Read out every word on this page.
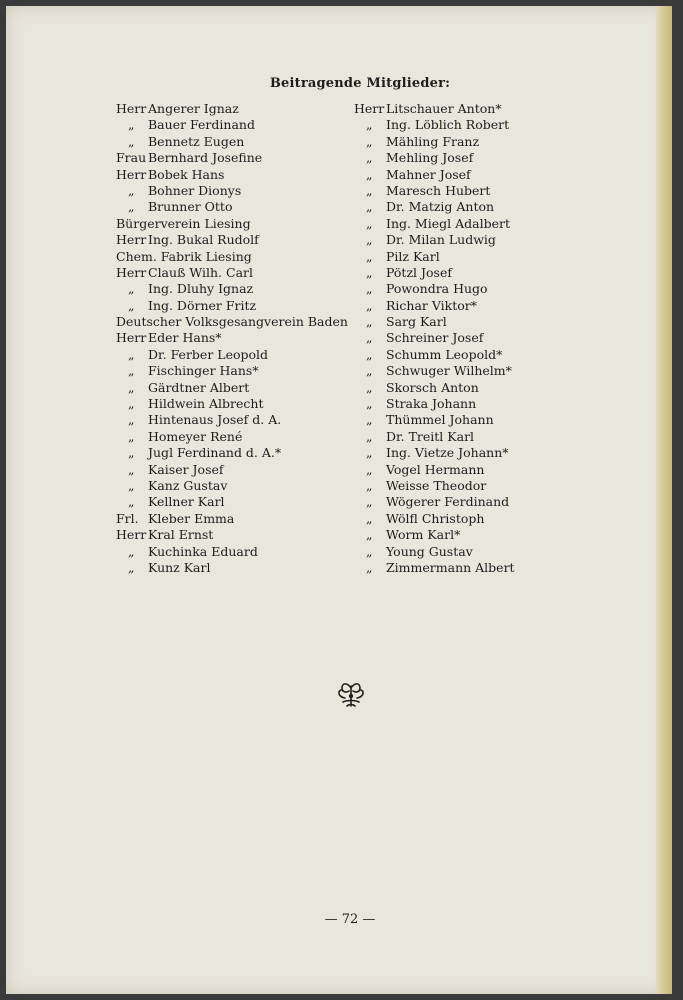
Beitragende Mitglieder:
Herr Angerer Ignaz
„	Bauer Ferdinand
„	Bennetz Eugen
Frau Bernhard Josefine
Herr Bobek Hans
„	Bohner Dionys
„	Brunner Otto
Bürgerverein Liesing
Herr Ing. Bukal Rudolf
Chem. Fabrik Liesing
Herr Clauß Wilh. Carl
„	Ing. Dluhy Ignaz
„	Ing. Dörner Fritz
Deutscher Volksgesangverein Baden
Herr Eder Hans*
„	Dr. Ferber Leopold
„	Fischinger Hans*
„	Gärdtner Albert
„	Hildwein Albrecht
„	Hintenaus Josef d. A.
„	Homeyer René
„	Jugl Ferdinand d. A.*
„	Kaiser Josef
„	Kanz Gustav
„	Kellner Karl
Frl. Kleber Emma
Herr Kral Ernst
„	Kuchinka Eduard
„	Kunz Karl
Herr Litschauer Anton*
„	Ing. Löblich Robert
„	Mähling Franz
„	Mehling Josef
„	Mahner Josef
„	Maresch Hubert
„	Dr. Matzig Anton
„	Ing. Miegl Adalbert
„	Dr. Milan Ludwig
„	Pilz Karl
„	Pötzl Josef
„	Powondra Hugo
„	Richar Viktor*
„	Sarg Karl
„	Schreiner Josef
„	Schumm Leopold*
„	Schwuger Wilhelm*
„	Skorsch Anton
„	Straka Johann
„	Thümmel Johann
„	Dr. Treitl Karl
„	Ing. Vietze Johann*
„	Vogel Hermann
„	Weisse Theodor
„	Wögerer Ferdinand
„	Wölfl Christoph
„	Worm Karl*
„	Young Gustav
„	Zimmermann Albert
— 72 —
